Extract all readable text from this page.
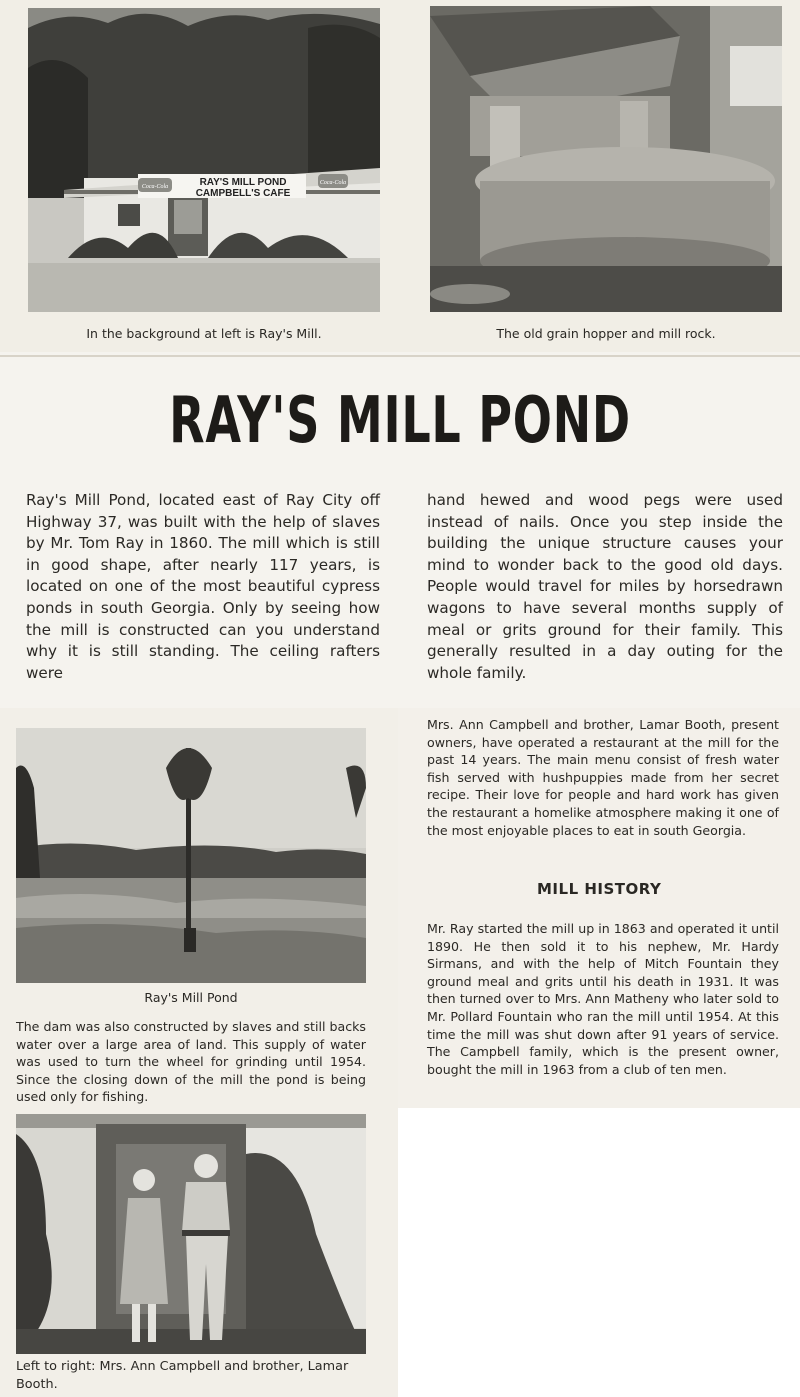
Coca-Cola
Coca-Cola
RAY'S MILL POND
CAMPBELL'S CAFE
In the background at left is Ray's Mill.	The old grain hopper and mill rock.
RAY'S MILL POND
Ray's Mill Pond, located east of Ray City off Highway 37, was built with the help of slaves by Mr. Tom Ray in 1860. The mill which is still in good shape, after nearly 117 years, is located on one of the most beautiful cypress ponds in south Georgia. Only by seeing how the mill is constructed can you understand why it is still standing. The ceiling rafters were
hand hewed and wood pegs were used instead of nails. Once you step inside the building the unique structure causes your mind to wonder back to the good old days. People would travel for miles by horsedrawn wagons to have several months supply of meal or grits ground for their family. This generally resulted in a day outing for the whole family.
Mrs. Ann Campbell and brother, Lamar Booth, present owners, have operated a restaurant at the mill for the past 14 years. The main menu consist of fresh water fish served with hushpuppies made from her secret recipe. Their love for people and hard work has given the restaurant a homelike atmosphere making it one of the most enjoyable places to eat in south Georgia.
MILL HISTORY
Mr. Ray started the mill up in 1863 and operated it until 1890. He then sold it to his nephew, Mr. Hardy Sirmans, and with the help of Mitch Fountain they ground meal and grits until his death in 1931. It was then turned over to Mrs. Ann Matheny who later sold to Mr. Pollard Fountain who ran the mill until 1954. At this time the mill was shut down after 91 years of service. The Campbell family, which is the present owner, bought the mill in 1963 from a club of ten men.
Ray's Mill Pond
The dam was also constructed by slaves and still backs water over a large area of land. This supply of water was used to turn the wheel for grinding until 1954. Since the closing down of the mill the pond is being used only for fishing.
Left to right: Mrs. Ann Campbell and brother, Lamar Booth.
